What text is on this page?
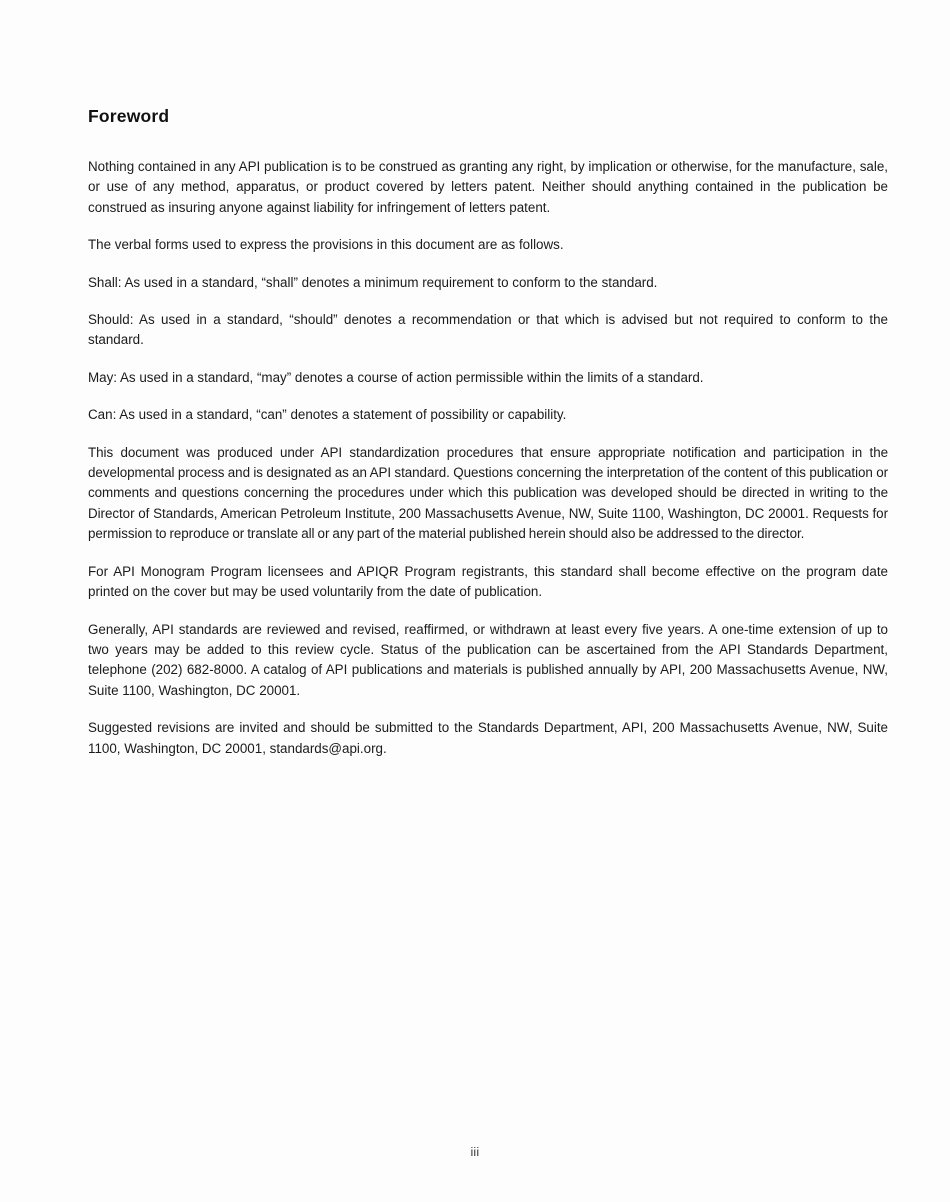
Foreword

Nothing contained in any API publication is to be construed as granting any right, by implication or otherwise, for the manufacture, sale, or use of any method, apparatus, or product covered by letters patent. Neither should anything contained in the publication be construed as insuring anyone against liability for infringement of letters patent.

The verbal forms used to express the provisions in this document are as follows.

Shall: As used in a standard, “shall” denotes a minimum requirement to conform to the standard.

Should: As used in a standard, “should” denotes a recommendation or that which is advised but not required to conform to the standard.

May: As used in a standard, “may” denotes a course of action permissible within the limits of a standard.

Can: As used in a standard, “can” denotes a statement of possibility or capability.

This document was produced under API standardization procedures that ensure appropriate notification and participation in the developmental process and is designated as an API standard. Questions concerning the interpretation of the content of this publication or comments and questions concerning the procedures under which this publication was developed should be directed in writing to the Director of Standards, American Petroleum Institute, 200 Massachusetts Avenue, NW, Suite 1100, Washington, DC 20001. Requests for permission to reproduce or translate all or any part of the material published herein should also be addressed to the director.

For API Monogram Program licensees and APIQR Program registrants, this standard shall become effective on the program date printed on the cover but may be used voluntarily from the date of publication.

Generally, API standards are reviewed and revised, reaffirmed, or withdrawn at least every five years. A one-time extension of up to two years may be added to this review cycle. Status of the publication can be ascertained from the API Standards Department, telephone (202) 682-8000. A catalog of API publications and materials is published annually by API, 200 Massachusetts Avenue, NW, Suite 1100, Washington, DC 20001.

Suggested revisions are invited and should be submitted to the Standards Department, API, 200 Massachusetts Avenue, NW, Suite 1100, Washington, DC 20001, standards@api.org.

iii
